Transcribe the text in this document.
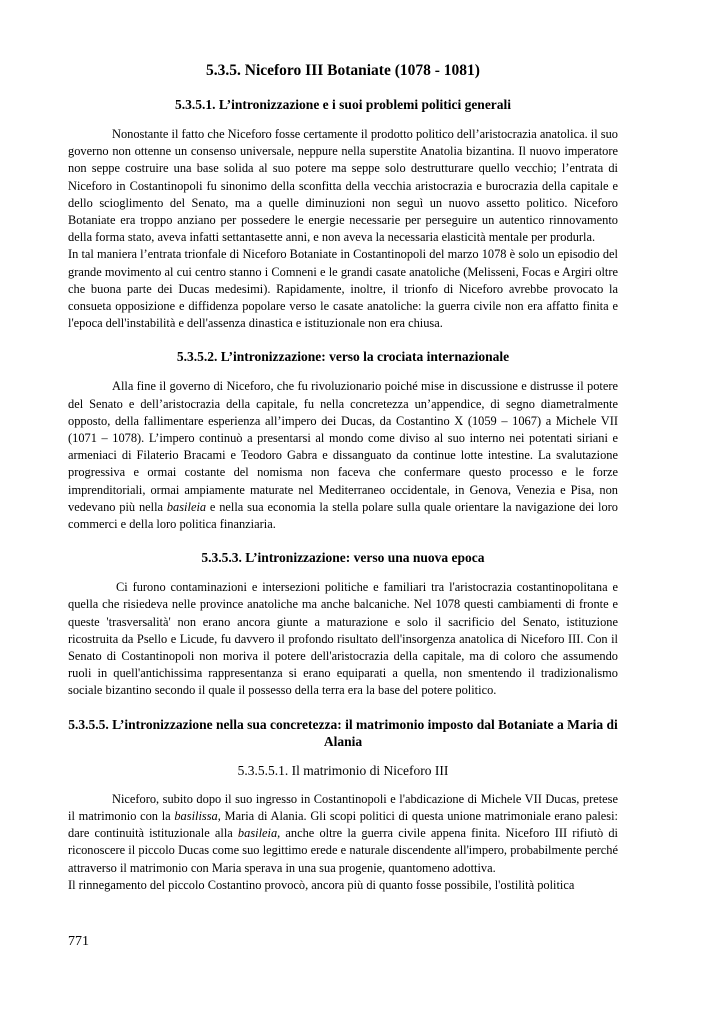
5.3.5. Niceforo III Botaniate (1078 - 1081)
5.3.5.1. L’intronizzazione e i suoi problemi politici generali

Nonostante il fatto che Niceforo fosse certamente il prodotto politico dell’aristocrazia anatolica. il suo governo non ottenne un consenso universale, neppure nella superstite Anatolia bizantina. Il nuovo imperatore non seppe costruire una base solida al suo potere ma seppe solo destrutturare quello vecchio; l’entrata di Niceforo in Costantinopoli fu sinonimo della sconfitta della vecchia aristocrazia e burocrazia della capitale e dello scioglimento del Senato, ma a quelle diminuzioni non seguì un nuovo assetto politico. Niceforo Botaniate era troppo anziano per possedere le energie necessarie per perseguire un autentico rinnovamento della forma stato, aveva infatti settantasette anni, e non aveva la necessaria elasticità mentale per produrla.

In tal maniera l’entrata trionfale di Niceforo Botaniate in Costantinopoli del marzo 1078 è solo un episodio del grande movimento al cui centro stanno i Comneni e le grandi casate anatoliche (Melisseni, Focas e Argiri oltre che buona parte dei Ducas medesimi). Rapidamente, inoltre, il trionfo di Niceforo avrebbe provocato la consueta opposizione e diffidenza popolare verso le casate anatoliche: la guerra civile non era affatto finita e l'epoca dell'instabilità e dell'assenza dinastica e istituzionale non era chiusa.

5.3.5.2. L’intronizzazione: verso la crociata internazionale

Alla fine il governo di Niceforo, che fu rivoluzionario poiché mise in discussione e distrusse il potere del Senato e dell’aristocrazia della capitale, fu nella concretezza un’appendice, di segno diametralmente opposto, della fallimentare esperienza all’impero dei Ducas, da Costantino X (1059 – 1067) a Michele VII (1071 – 1078). L’impero continuò a presentarsi al mondo come diviso al suo interno nei potentati siriani e armeniaci di Filaterio Bracami e Teodoro Gabra e dissanguato da continue lotte intestine. La svalutazione progressiva e ormai costante del nomisma non faceva che confermare questo processo e le forze imprenditoriali, ormai ampiamente maturate nel Mediterraneo occidentale, in Genova, Venezia e Pisa, non vedevano più nella basileia e nella sua economia la stella polare sulla quale orientare la navigazione dei loro commerci e della loro politica finanziaria.

5.3.5.3. L’intronizzazione: verso una nuova epoca

Ci furono contaminazioni e intersezioni politiche e familiari tra l'aristocrazia costantinopolitana e quella che risiedeva nelle province anatoliche ma anche balcaniche. Nel 1078 questi cambiamenti di fronte e queste 'trasversalità' non erano ancora giunte a maturazione e solo il sacrificio del Senato, istituzione ricostruita da Psello e Licude, fu davvero il profondo risultato dell'insorgenza anatolica di Niceforo III. Con il Senato di Costantinopoli non moriva il potere dell'aristocrazia della capitale, ma di coloro che assumendo ruoli in quell'antichissima rappresentanza si erano equiparati a quella, non smentendo il tradizionalismo sociale bizantino secondo il quale il possesso della terra era la base del potere politico.

5.3.5.5. L’intronizzazione nella sua concretezza: il matrimonio imposto dal Botaniate a Maria di Alania
5.3.5.5.1. Il matrimonio di Niceforo III

Niceforo, subito dopo il suo ingresso in Costantinopoli e l'abdicazione di Michele VII Ducas, pretese il matrimonio con la basilissa, Maria di Alania. Gli scopi politici di questa unione matrimoniale erano palesi: dare continuità istituzionale alla basileia, anche oltre la guerra civile appena finita. Niceforo III rifiutò di riconoscere il piccolo Ducas come suo legittimo erede e naturale discendente all'impero, probabilmente perché attraverso il matrimonio con Maria sperava in una sua progenie, quantomeno adottiva.

Il rinnegamento del piccolo Costantino provocò, ancora più di quanto fosse possibile, l'ostilità politica

771
